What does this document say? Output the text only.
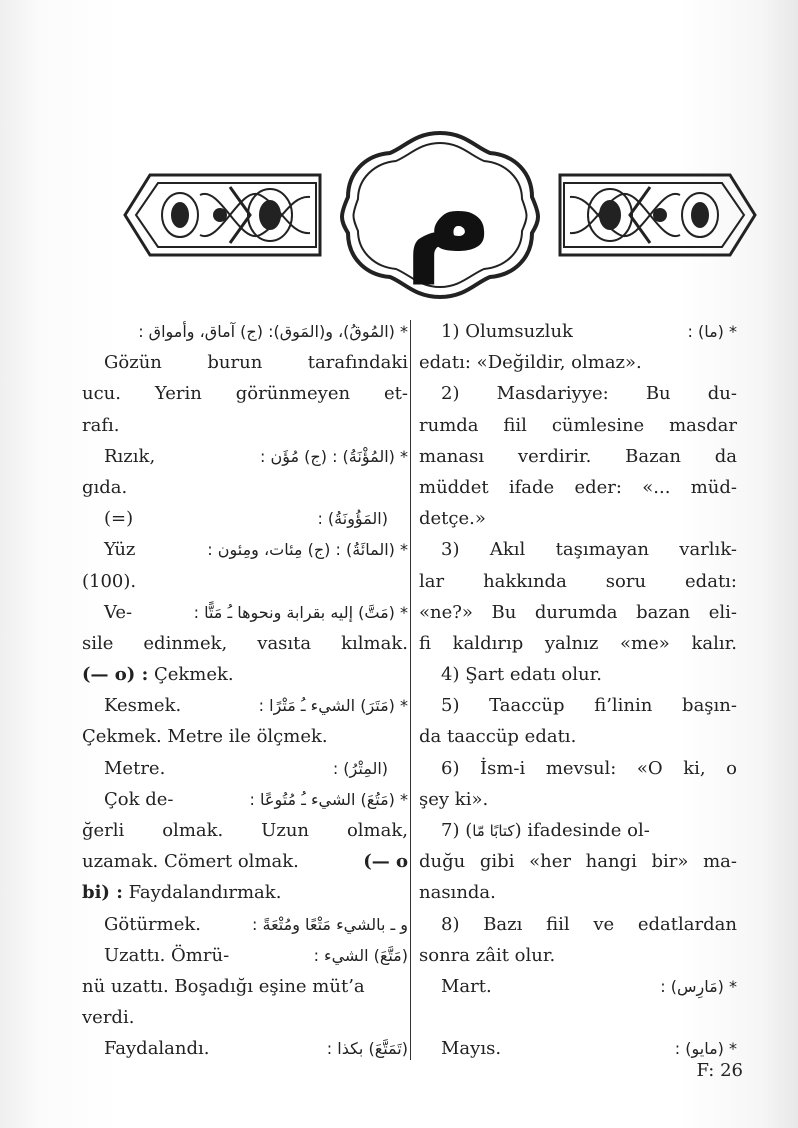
م
* (المُوقُ)، و(المَوق): (ج) آماق، وأمواق :
Gözün	burun	tarafındaki
ucu. Yerin görünmeyen et-
rafı.
Rızık,	* (المُؤْنَةُ) : (ج) مُؤَن :
gıda.
(=)	(المَؤُونَةُ) :
Yüz	* (المائَةُ) : (ج) مِئات، ومِئون :
(100).
Ve-	* (مَتَّ) إليه بقرابة ونحوها ـُ مَتًّا :
sile edinmek, vasıta kılmak.
(— o) : Çekmek.
Kesmek.	* (مَتَرَ) الشيء ـُ مَتْرًا :
Çekmek. Metre ile ölçmek.
Metre.	(المِتْرُ) :
Çok de-	* (مَتُعَ) الشيء ـُ مُتُوعًا :
ğerli olmak. Uzun olmak,
uzamak. Cömert olmak.	(— o
bi) : Faydalandırmak.
Götürmek.	و ـ بالشيء مَتْعًا ومُتْعَةً :
Uzattı. Ömrü-	(مَتَّعَ) الشيء :
nü uzattı. Boşadığı eşine müt’a
verdi.
Faydalandı.	(تَمَتَّعَ) بكذا :
1) Olumsuzluk	* (ما) :
edatı: «Değildir, olmaz».
2) Masdariyye: Bu du-
rumda fiil cümlesine masdar
manası verdirir. Bazan da
müddet ifade eder: «... müd-
detçe.»
3) Akıl taşımayan varlık-
lar hakkında soru edatı:
«ne?» Bu durumda bazan eli-
fi kaldırıp yalnız «me» kalır.
4) Şart edatı olur.
5) Taaccüp fi’linin başın-
da taaccüp edatı.
6) İsm-i mevsul: «O ki, o
şey ki».
7) (كتابًا مّا) ifadesinde ol-
duğu gibi «her hangi bir» ma-
nasında.
8) Bazı fiil ve edatlardan
sonra zâit olur.
Mart.	* (مَارِس) :
Mayıs.	* (مايو) :
F: 26
